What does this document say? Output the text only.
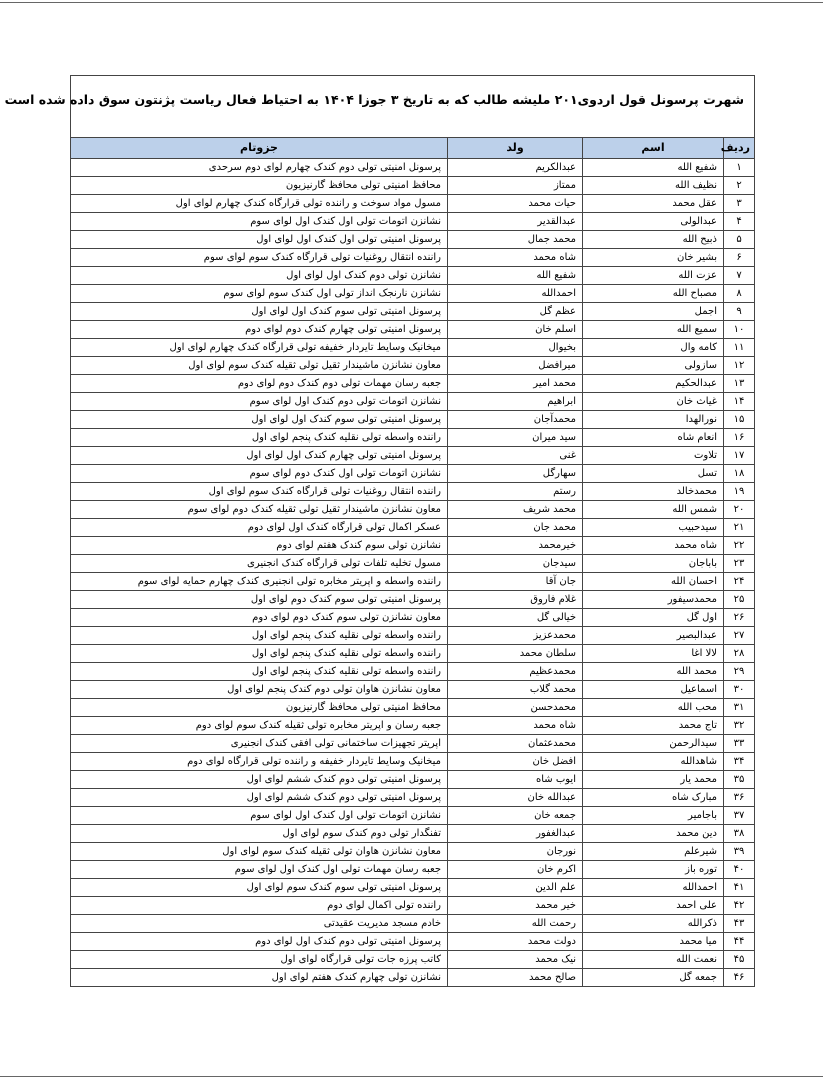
شهرت پرسونل قول اردوی۲۰۱ ملیشه طالب که به تاریخ ۳ جوزا ۱۴۰۴ به احتیاط فعال ریاست پژنتون سوق داده شده است			
ردیف	اسم	ولد	جزوتام
۱	شفیع الله	عبدالکریم	پرسونل امنیتی تولی دوم کندک چهارم لوای دوم سرحدی
۲	نظیف الله	ممتاز	محافظ امنیتی تولی محافظ گارنیزیون
۳	عقل محمد	حیات محمد	مسول مواد سوخت و راننده تولی قرارگاه کندک چهارم لوای اول
۴	عبدالولی	عبدالقدیر	نشانزن اتومات تولی اول کندک اول لوای سوم
۵	ذبیح الله	محمد جمال	پرسونل امنیتی تولی اول کندک اول لوای اول
۶	بشیر خان	شاه محمد	راننده انتقال روغنیات تولی قرارگاه کندک سوم لوای سوم
۷	عزت الله	شفیع الله	نشانزن تولی دوم کندک اول لوای اول
۸	مصباح الله	احمدالله	نشانزن نارنجک انداز تولی اول کندک سوم لوای سوم
۹	اجمل	عظم گل	پرسونل امنیتی تولی سوم کندک اول لوای اول
۱۰	سمیع الله	اسلم خان	پرسونل امنیتی تولی چهارم کندک دوم لوای دوم
۱۱	کامه وال	بخیوال	میخانیک وسایط تایردار خفیفه تولی قرارگاه کندک چهارم لوای اول
۱۲	سازولی	میرافضل	معاون نشانزن ماشیندار ثقیل تولی ثقیله کندک سوم لوای اول
۱۳	عبدالحکیم	محمد امیر	جعبه رسان مهمات تولی دوم کندک دوم لوای دوم
۱۴	غیاث خان	ابراهیم	نشانزن اتومات تولی دوم کندک اول لوای سوم
۱۵	نورالهدا	محمدآجان	پرسونل امنیتی تولی سوم کندک اول لوای اول
۱۶	انعام شاه	سید میران	راننده واسطه تولی نقلیه کندک پنجم لوای اول
۱۷	تلاوت	غنی	پرسونل امنیتی تولی چهارم کندک اول لوای اول
۱۸	تسل	سهارگل	نشانزن اتومات تولی اول کندک دوم لوای سوم
۱۹	محمدخالد	رستم	راننده انتقال روغنیات تولی قرارگاه کندک سوم لوای اول
۲۰	شمس الله	محمد شریف	معاون نشانزن ماشیندار ثقیل تولی ثقیله کندک دوم لوای سوم
۲۱	سیدحبیب	محمد جان	عسکر اکمال تولی قرارگاه کندک اول لوای دوم
۲۲	شاه محمد	خیرمحمد	نشانزن تولی سوم کندک هفتم لوای دوم
۲۳	باباجان	سیدجان	مسول تخلیه تلفات تولی قرارگاه کندک انجنیری
۲۴	احسان الله	جان آقا	راننده واسطه و اپریتر مخابره تولی انجنیری کندک چهارم حمایه لوای سوم
۲۵	محمدسیفور	غلام فاروق	پرسونل امنیتی تولی سوم کندک دوم لوای اول
۲۶	اول گل	خیالی گل	معاون نشانزن تولی سوم کندک دوم لوای دوم
۲۷	عبدالبصیر	محمدعزیز	راننده واسطه تولی نقلیه کندک پنجم لوای اول
۲۸	لالا اغا	سلطان محمد	راننده واسطه تولی نقلیه کندک پنجم لوای اول
۲۹	محمد الله	محمدعظیم	راننده واسطه تولی نقلیه کندک پنجم لوای اول
۳۰	اسماعیل	محمد گلاب	معاون نشانزن هاوان تولی دوم کندک پنجم لوای اول
۳۱	محب الله	محمدحسن	محافظ امنیتی تولی محافظ گارنیزیون
۳۲	تاج محمد	شاه محمد	جعبه رسان و اپریتر مخابره تولی ثقیله کندک سوم لوای دوم
۳۳	سیدالرحمن	محمدعثمان	اپریتر تجهیزات ساختمانی تولی افقی کندک انجنیری
۳۴	شاهدالله	افضل خان	میخانیک وسایط تایردار خفیفه و راننده تولی قرارگاه لوای دوم
۳۵	محمد یار	ایوب شاه	پرسونل امنیتی تولی دوم کندک ششم لوای اول
۳۶	مبارک شاه	عبدالله خان	پرسونل امنیتی تولی دوم کندک ششم لوای اول
۳۷	باجامیر	جمعه خان	نشانزن اتومات تولی اول کندک اول لوای سوم
۳۸	دین محمد	عبدالغفور	تفنگدار تولی دوم کندک سوم لوای اول
۳۹	شیرعلم	نورجان	معاون نشانزن هاوان تولی ثقیله کندک سوم لوای اول
۴۰	توره باز	اکرم خان	جعبه رسان مهمات تولی اول کندک اول لوای سوم
۴۱	احمدالله	علم الدین	پرسونل امنیتی تولی سوم کندک سوم لوای اول
۴۲	علی احمد	خیر محمد	راننده تولی اکمال لوای دوم
۴۳	ذکرالله	رحمت الله	خادم مسجد مدیریت عقیدتی
۴۴	میا محمد	دولت محمد	پرسونل امنیتی تولی دوم کندک اول لوای دوم
۴۵	نعمت الله	نیک محمد	کاتب پرزه جات تولی قرارگاه لوای اول
۴۶	جمعه گل	صالح محمد	نشانزن تولی چهارم کندک هفتم لوای اول
